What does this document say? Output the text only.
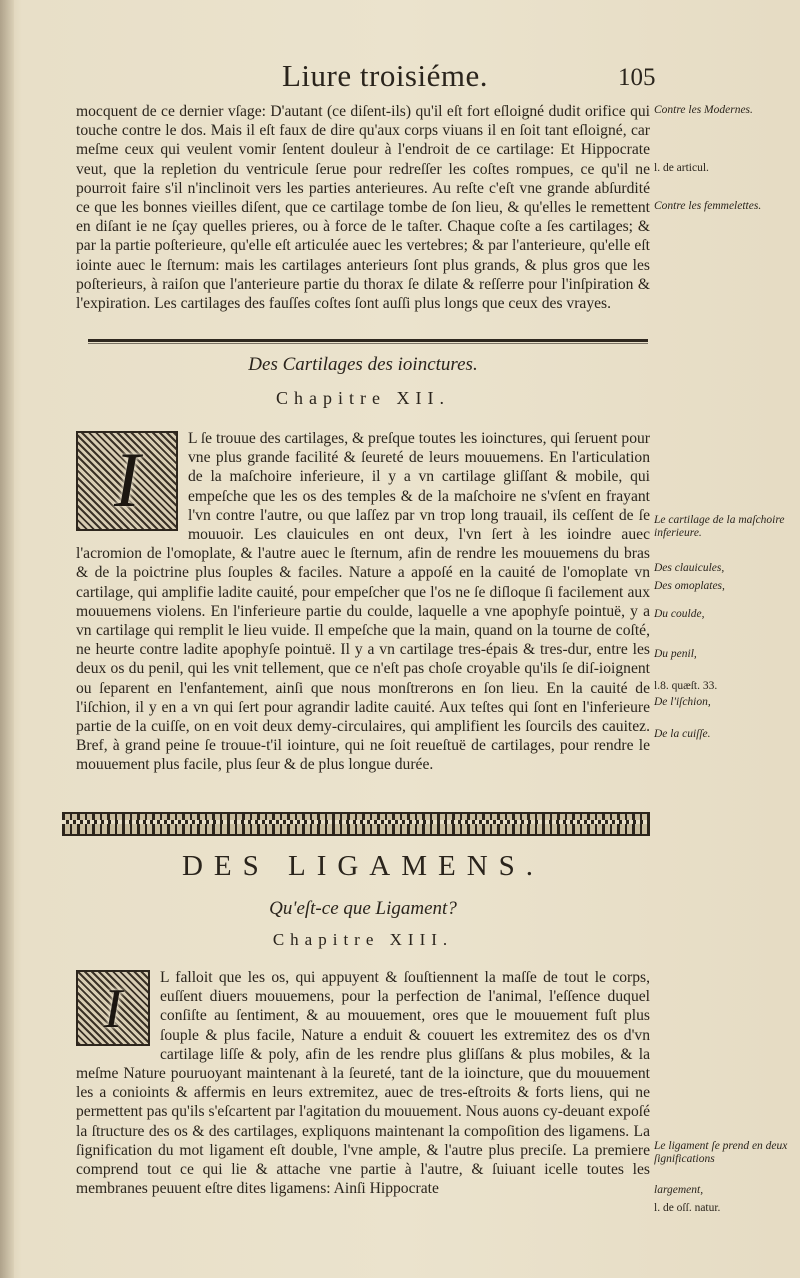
Liure troisiéme.	105

mocquent de ce dernier vſage: D'autant (ce diſent-ils) qu'il eſt fort eſloigné dudit orifice qui touche contre le dos. Mais il eſt faux de dire qu'aux corps viuans il en ſoit tant eſloigné, car meſme ceux qui veulent vomir ſentent douleur à l'endroit de ce cartilage: Et Hippocrate veut, que la repletion du ventricule ſerue pour redreſſer les coſtes rompues, ce qu'il ne pourroit faire s'il n'inclinoit vers les parties anterieures. Au reſte c'eſt vne grande abſurdité ce que les bonnes vieilles diſent, que ce cartilage tombe de ſon lieu, & qu'elles le remettent en diſant ie ne ſçay quelles prieres, ou à force de le taſter. Chaque coſte a ſes cartilages; & par la partie poſterieure, qu'elle eſt articulée auec les vertebres; & par l'anterieure, qu'elle eſt iointe auec le ſternum: mais les cartilages anterieurs ſont plus grands, & plus gros que les poſterieurs, à raiſon que l'anterieure partie du thorax ſe dilate & reſſerre pour l'inſpiration & l'expiration. Les cartilages des fauſſes coſtes ſont auſſi plus longs que ceux des vrayes.

Des Cartilages des ioinctures.
Chapitre XII.
I	L ſe trouue des cartilages, & preſque toutes les ioinctures, qui ſeruent pour vne plus grande facilité & ſeureté de leurs mouuemens. En l'articulation de la maſchoire inferieure, il y a vn cartilage gliſſant & mobile, qui empeſche que les os des temples & de la maſchoire ne s'vſent en frayant l'vn contre l'autre, ou que laſſez par vn trop long trauail, ils ceſſent de ſe mouuoir. Les clauicules en ont deux, l'vn ſert à les ioindre auec l'acromion de l'omoplate, & l'autre auec le ſternum, afin de rendre les mouuemens du bras & de la poictrine plus ſouples & faciles. Nature a appoſé en la cauité de l'omoplate vn cartilage, qui amplifie ladite cauité, pour empeſcher que l'os ne ſe diſloque ſi facilement aux mouuemens violens. En l'inferieure partie du coulde, laquelle a vne apophyſe pointuë, y a vn cartilage qui remplit le lieu vuide. Il empeſche que la main, quand on la tourne de coſté, ne heurte contre ladite apophyſe pointuë. Il y a vn cartilage tres-épais & tres-dur, entre les deux os du penil, qui les vnit tellement, que ce n'eſt pas choſe croyable qu'ils ſe diſ-ioignent ou ſeparent en l'enfantement, ainſi que nous monſtrerons en ſon lieu. En la cauité de l'iſchion, il y en a vn qui ſert pour agrandir ladite cauité. Aux teſtes qui ſont en l'inferieure partie de la cuiſſe, on en voit deux demy-circulaires, qui amplifient les ſourcils des cauitez. Bref, à grand peine ſe trouue-t'il iointure, qui ne ſoit reueſtuë de cartilages, pour rendre le mouuement plus facile, plus ſeur & de plus longue durée.

DES LIGAMENS.
Qu'eſt-ce que Ligament?
Chapitre XIII.
I

L falloit que les os, qui appuyent & ſouſtiennent la maſſe de tout le corps, euſſent diuers mouuemens, pour la perfection de l'animal, l'eſſence duquel conſiſte au ſentiment, & au mouuement, ores que le mouuement fuſt plus ſouple & plus facile, Nature a enduit & couuert les extremitez des os d'vn cartilage liſſe & poly, afin de les rendre plus gliſſans & plus mobiles, & la meſme Nature pouruoyant maintenant à la ſeureté, tant de la ioincture, que du mouuement les a conioints & affermis en leurs extremitez, auec de tres-eſtroits & forts liens, qui ne permettent pas qu'ils s'eſcartent par l'agitation du mouuement. Nous auons cy-deuant expoſé la ſtructure des os & des cartilages, expliquons maintenant la compoſition des ligamens. La ſignification du mot ligament eſt double, l'vne ample, & l'autre plus preciſe. La premiere comprend tout ce qui lie & attache vne partie à l'autre, & ſuiuant icelle toutes les membranes peuuent eſtre dites ligamens: Ainſi Hippocrate

Contre les Modernes.
l. de articul.
Contre les femmelettes.
Le cartilage de la maſchoire inferieure.
Des clauicules,
Des omoplates,
Du coulde,
Du penil,
l.8. quæſt. 33.
De l'iſchion,
De la cuiſſe.
Le ligament ſe prend en deux ſignifications
largement,
l. de oſſ. natur.
